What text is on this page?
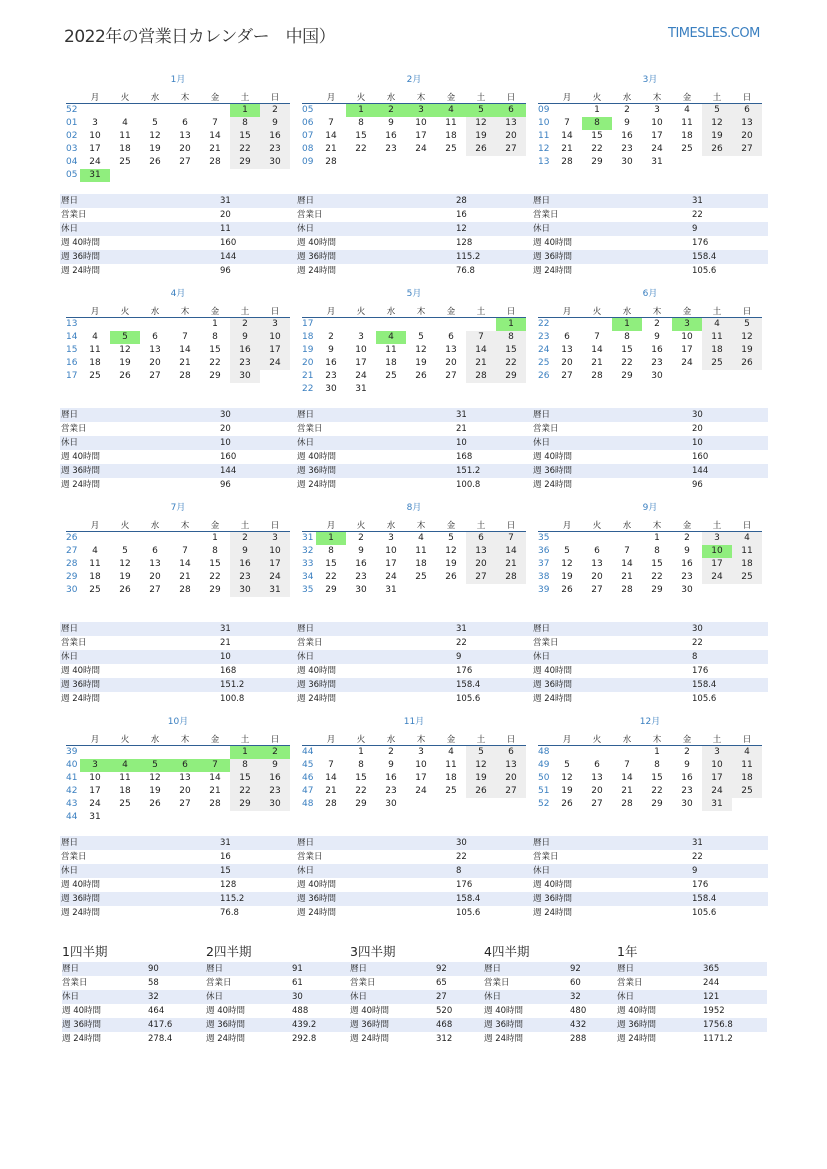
2022年の営業日カレンダー　中国）	TIMESLES.COM
1月
	月	火	水	木	金	土	日
52						1	2
01	3	4	5	6	7	8	9
02	10	11	12	13	14	15	16
03	17	18	19	20	21	22	23
04	24	25	26	27	28	29	30
05	31						
暦日	31
営業日	20
休日	11
週 40時間	160
週 36時間	144
週 24時間	96
2月
	月	火	水	木	金	土	日
05		1	2	3	4	5	6
06	7	8	9	10	11	12	13
07	14	15	16	17	18	19	20
08	21	22	23	24	25	26	27
09	28						
暦日	28
営業日	16
休日	12
週 40時間	128
週 36時間	115.2
週 24時間	76.8
3月
	月	火	水	木	金	土	日
09		1	2	3	4	5	6
10	7	8	9	10	11	12	13
11	14	15	16	17	18	19	20
12	21	22	23	24	25	26	27
13	28	29	30	31			
暦日	31
営業日	22
休日	9
週 40時間	176
週 36時間	158.4
週 24時間	105.6
4月
	月	火	水	木	金	土	日
13					1	2	3
14	4	5	6	7	8	9	10
15	11	12	13	14	15	16	17
16	18	19	20	21	22	23	24
17	25	26	27	28	29	30	
暦日	30
営業日	20
休日	10
週 40時間	160
週 36時間	144
週 24時間	96
5月
	月	火	水	木	金	土	日
17							1
18	2	3	4	5	6	7	8
19	9	10	11	12	13	14	15
20	16	17	18	19	20	21	22
21	23	24	25	26	27	28	29
22	30	31					
暦日	31
営業日	21
休日	10
週 40時間	168
週 36時間	151.2
週 24時間	100.8
6月
	月	火	水	木	金	土	日
22			1	2	3	4	5
23	6	7	8	9	10	11	12
24	13	14	15	16	17	18	19
25	20	21	22	23	24	25	26
26	27	28	29	30			
暦日	30
営業日	20
休日	10
週 40時間	160
週 36時間	144
週 24時間	96
7月
	月	火	水	木	金	土	日
26					1	2	3
27	4	5	6	7	8	9	10
28	11	12	13	14	15	16	17
29	18	19	20	21	22	23	24
30	25	26	27	28	29	30	31
暦日	31
営業日	21
休日	10
週 40時間	168
週 36時間	151.2
週 24時間	100.8
8月
	月	火	水	木	金	土	日
31	1	2	3	4	5	6	7
32	8	9	10	11	12	13	14
33	15	16	17	18	19	20	21
34	22	23	24	25	26	27	28
35	29	30	31				
暦日	31
営業日	22
休日	9
週 40時間	176
週 36時間	158.4
週 24時間	105.6
9月
	月	火	水	木	金	土	日
35				1	2	3	4
36	5	6	7	8	9	10	11
37	12	13	14	15	16	17	18
38	19	20	21	22	23	24	25
39	26	27	28	29	30		
暦日	30
営業日	22
休日	8
週 40時間	176
週 36時間	158.4
週 24時間	105.6
10月
	月	火	水	木	金	土	日
39						1	2
40	3	4	5	6	7	8	9
41	10	11	12	13	14	15	16
42	17	18	19	20	21	22	23
43	24	25	26	27	28	29	30
44	31						
暦日	31
営業日	16
休日	15
週 40時間	128
週 36時間	115.2
週 24時間	76.8
11月
	月	火	水	木	金	土	日
44		1	2	3	4	5	6
45	7	8	9	10	11	12	13
46	14	15	16	17	18	19	20
47	21	22	23	24	25	26	27
48	28	29	30				
暦日	30
営業日	22
休日	8
週 40時間	176
週 36時間	158.4
週 24時間	105.6
12月
	月	火	水	木	金	土	日
48				1	2	3	4
49	5	6	7	8	9	10	11
50	12	13	14	15	16	17	18
51	19	20	21	22	23	24	25
52	26	27	28	29	30	31	
暦日	31
営業日	22
休日	9
週 40時間	176
週 36時間	158.4
週 24時間	105.6
1四半期
暦日	90
営業日	58
休日	32
週 40時間	464
週 36時間	417.6
週 24時間	278.4
2四半期
暦日	91
営業日	61
休日	30
週 40時間	488
週 36時間	439.2
週 24時間	292.8
3四半期
暦日	92
営業日	65
休日	27
週 40時間	520
週 36時間	468
週 24時間	312
4四半期
暦日	92
営業日	60
休日	32
週 40時間	480
週 36時間	432
週 24時間	288
1年
暦日	365
営業日	244
休日	121
週 40時間	1952
週 36時間	1756.8
週 24時間	1171.2
